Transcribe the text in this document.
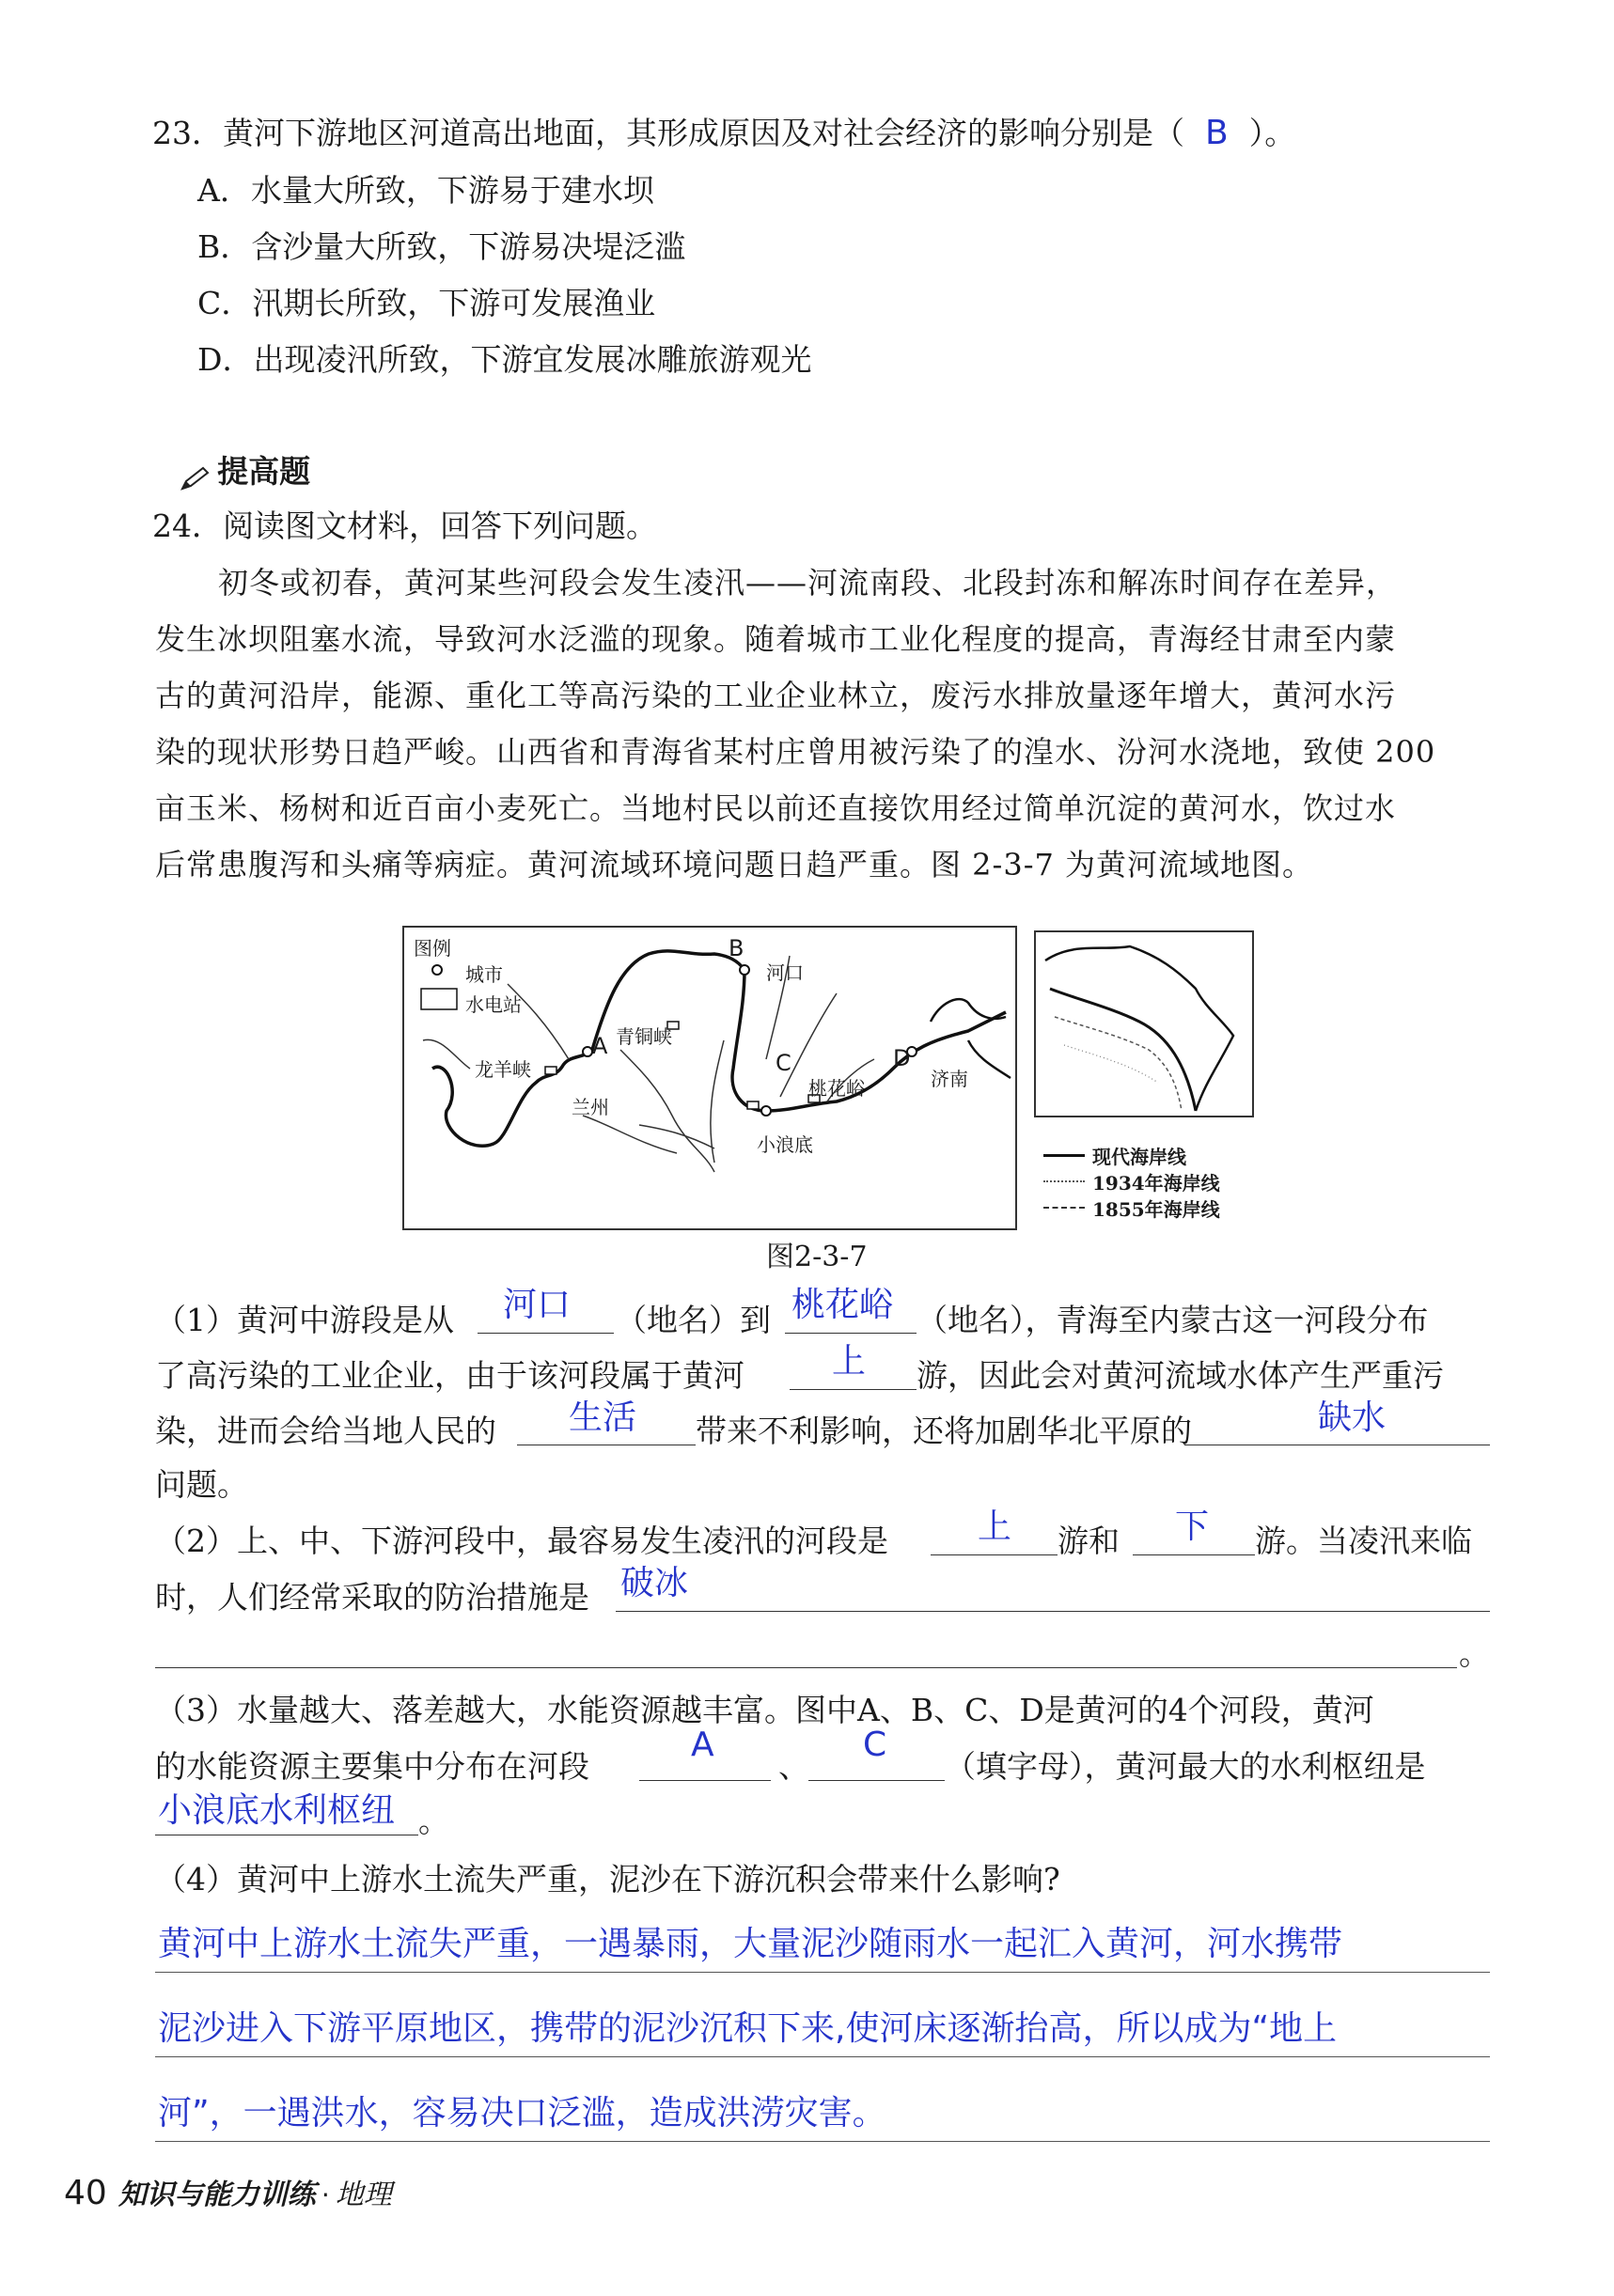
23．黄河下游地区河道高出地面，其形成原因及对社会经济的影响分别是（ B ）。
A．水量大所致，下游易于建水坝
B．含沙量大所致，下游易决堤泛滥
C．汛期长所致，下游可发展渔业
D．出现凌汛所致，下游宜发展冰雕旅游观光
提高题
24．阅读图文材料，回答下列问题。
初冬或初春，黄河某些河段会发生凌汛——河流南段、北段封冻和解冻时间存在差异，
发生冰坝阻塞水流，导致河水泛滥的现象。随着城市工业化程度的提高，青海经甘肃至内蒙
古的黄河沿岸，能源、重化工等高污染的工业企业林立，废污水排放量逐年增大，黄河水污
染的现状形势日趋严峻。山西省和青海省某村庄曾用被污染了的湟水、汾河水浇地，致使 200
亩玉米、杨树和近百亩小麦死亡。当地村民以前还直接饮用经过简单沉淀的黄河水，饮过水
后常患腹泻和头痛等病症。黄河流域环境问题日趋严重。图 2-3-7 为黄河流域地图。
图例
城市
水电站
河口
青铜峡
龙羊峡
兰州
桃花峪
小浪底
济南
A
B
C	D
现代海岸线
1934年海岸线
1855年海岸线
图2-3-7
（1）黄河中游段是从 河口 （地名）到 桃花峪 （地名），青海至内蒙古这一河段分布
了高污染的工业企业，由于该河段属于黄河	上 游，因此会对黄河流域水体产生严重污
染，进而会给当地人民的 生活 带来不利影响，还将加剧华北平原的	缺水
问题。
（2）上、中、下游河段中，最容易发生凌汛的河段是	上 游和 下 游。当凌汛来临
时，人们经常采取的防治措施是 破冰
。
（3）水量越大、落差越大，水能资源越丰富。图中A、B、C、D是黄河的4个河段，黄河
的水能资源主要集中分布在河段
A
、
C
（填字母），黄河最大的水利枢纽是
小浪底水利枢纽 。
（4）黄河中上游水土流失严重，泥沙在下游沉积会带来什么影响?
黄河中上游水土流失严重，一遇暴雨，大量泥沙随雨水一起汇入黄河，河水携带
泥沙进入下游平原地区，携带的泥沙沉积下来,使河床逐渐抬高，所以成为“地上
河”，一遇洪水，容易决口泛滥，造成洪涝灾害。
40 知识与能力训练 · 地理
